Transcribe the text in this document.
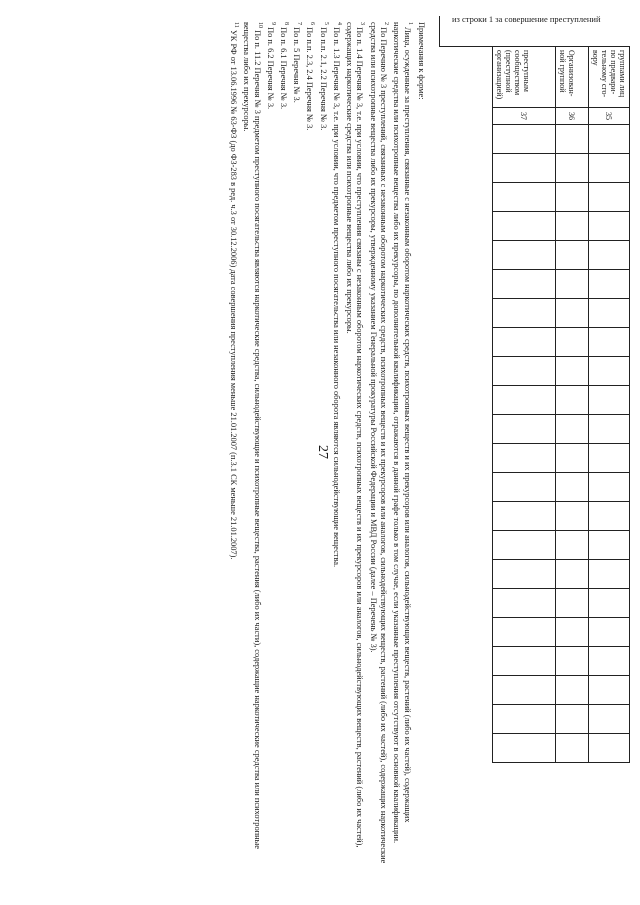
27
из строки 1 за совершение преступлений
группами лиц по предварительному сговору	35																						

Организованной группой	36																						

преступным сообществом (преступной организацией)	37																						

Примечания к форме:

$^1$ Лица, осужденные за преступления, связанные с незаконным оборотом наркотических средств, психотропных веществ и их прекурсоров или аналогов, сильнодействующих веществ, растений (либо их частей), содержащих наркотические средства или психотропные вещества либо их прекурсоры, по дополнительной квалификации, отражаются в данной графе только в том случае, если указанные преступления отсутствуют в основной квалификации.

$^2$ По Перечню № 3 преступлений, связанных с незаконным оборотом наркотических средств, психотропных веществ и их прекурсоров или аналогов, сильнодействующих веществ, растений (либо их частей), содержащих наркотические средства или психотропные вещества либо их прекурсоры, утвержденному указанием Генеральной прокуратуры Российской Федерации и МВД России (далее – Перечень № 3).

$^3$ По п. 1.4 Перечня № 3, т.е. при условии, что преступления связаны с незаконным оборотом наркотических средств, психотропных веществ и их прекурсоров или аналогов, сильнодействующих веществ, растений (либо их частей), содержащих наркотические средства или психотропные вещества либо их прекурсоры.

$^4$ По п. 1.3 Перечня № 3, т.е. при условии, что предметом преступного посягательства или незаконного оборота являются сильнодействующие вещества.

$^5$ По п.п. 2.1, 2.2 Перечня № 3.

$^6$ По п.п. 2.3, 2.4 Перечня № 3.

$^7$ По п. 5 Перечня № 3.

$^8$ По п. 6.1 Перечня № 3.

$^9$ По п. 6.2 Перечня № 3.

$^{10}$ По п. 11.2 Перечня № 3 предметом преступного посягательства являются наркотические средства, сильнодействующие и психотропные вещества, растения (либо их части), содержащие наркотические средства или психотропные вещества либо их прекурсоры.

$^{11}$ УК РФ от 13.06.1996 № 63-ФЗ (до ФЗ-283 в ред. ч.3 от 30.12.2006) дата совершения преступления меньше 21.01.2007 (п.3.1 СК меньше 21.01.2007).
